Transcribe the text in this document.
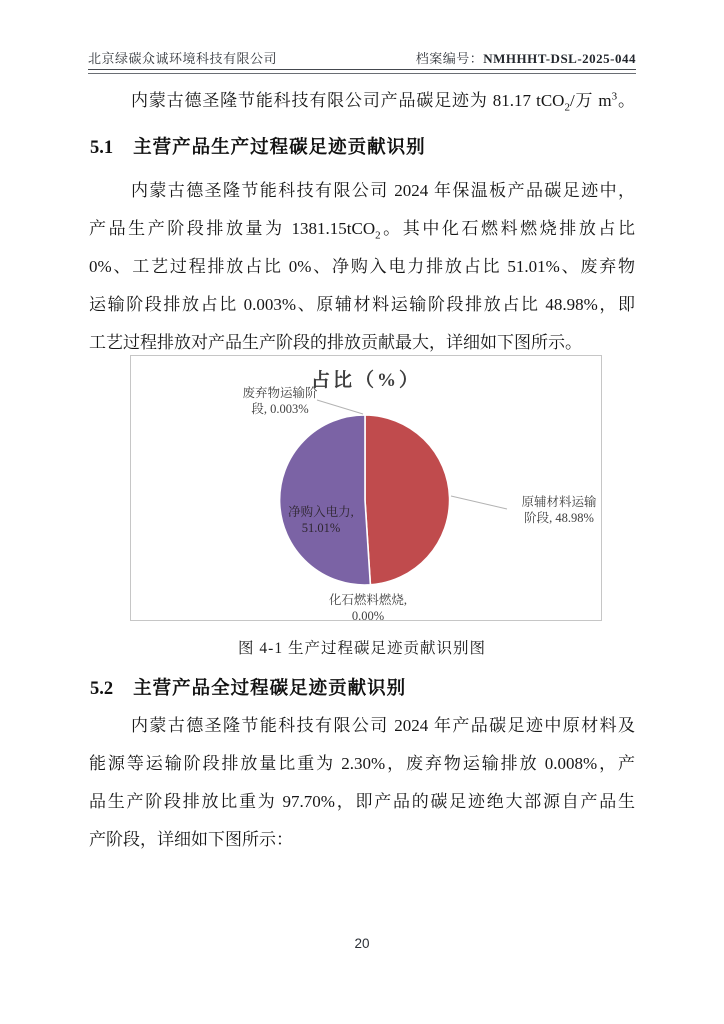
北京绿碳众诚环境科技有限公司	档案编号：NMHHHT-DSL-2025-044
内蒙古德圣隆节能科技有限公司产品碳足迹为 81.17 tCO$_2$/万 $m^3$。
5.1 主营产品生产过程碳足迹贡献识别
内蒙古德圣隆节能科技有限公司 2024 年保温板产品碳足迹中，
产品生产阶段排放量为 1381.15tCO$_2$。其中化石燃料燃烧排放占比
0%、工艺过程排放占比 0%、净购入电力排放占比 51.01%、废弃物
运输阶段排放占比 0.003%、原辅材料运输阶段排放占比 48.98%，即
工艺过程排放对产品生产阶段的排放贡献最大，详细如下图所示。
占比（%）
废弃物运输阶
段, 0.003%
原辅材料运输
阶段, 48.98%
净购入电力,
51.01%
化石燃料燃烧,
0.00%
图 4-1 生产过程碳足迹贡献识别图
5.2 主营产品全过程碳足迹贡献识别
内蒙古德圣隆节能科技有限公司 2024 年产品碳足迹中原材料及
能源等运输阶段排放量比重为 2.30%，废弃物运输排放 0.008%，产
品生产阶段排放比重为 97.70%，即产品的碳足迹绝大部源自产品生
产阶段，详细如下图所示：
20
